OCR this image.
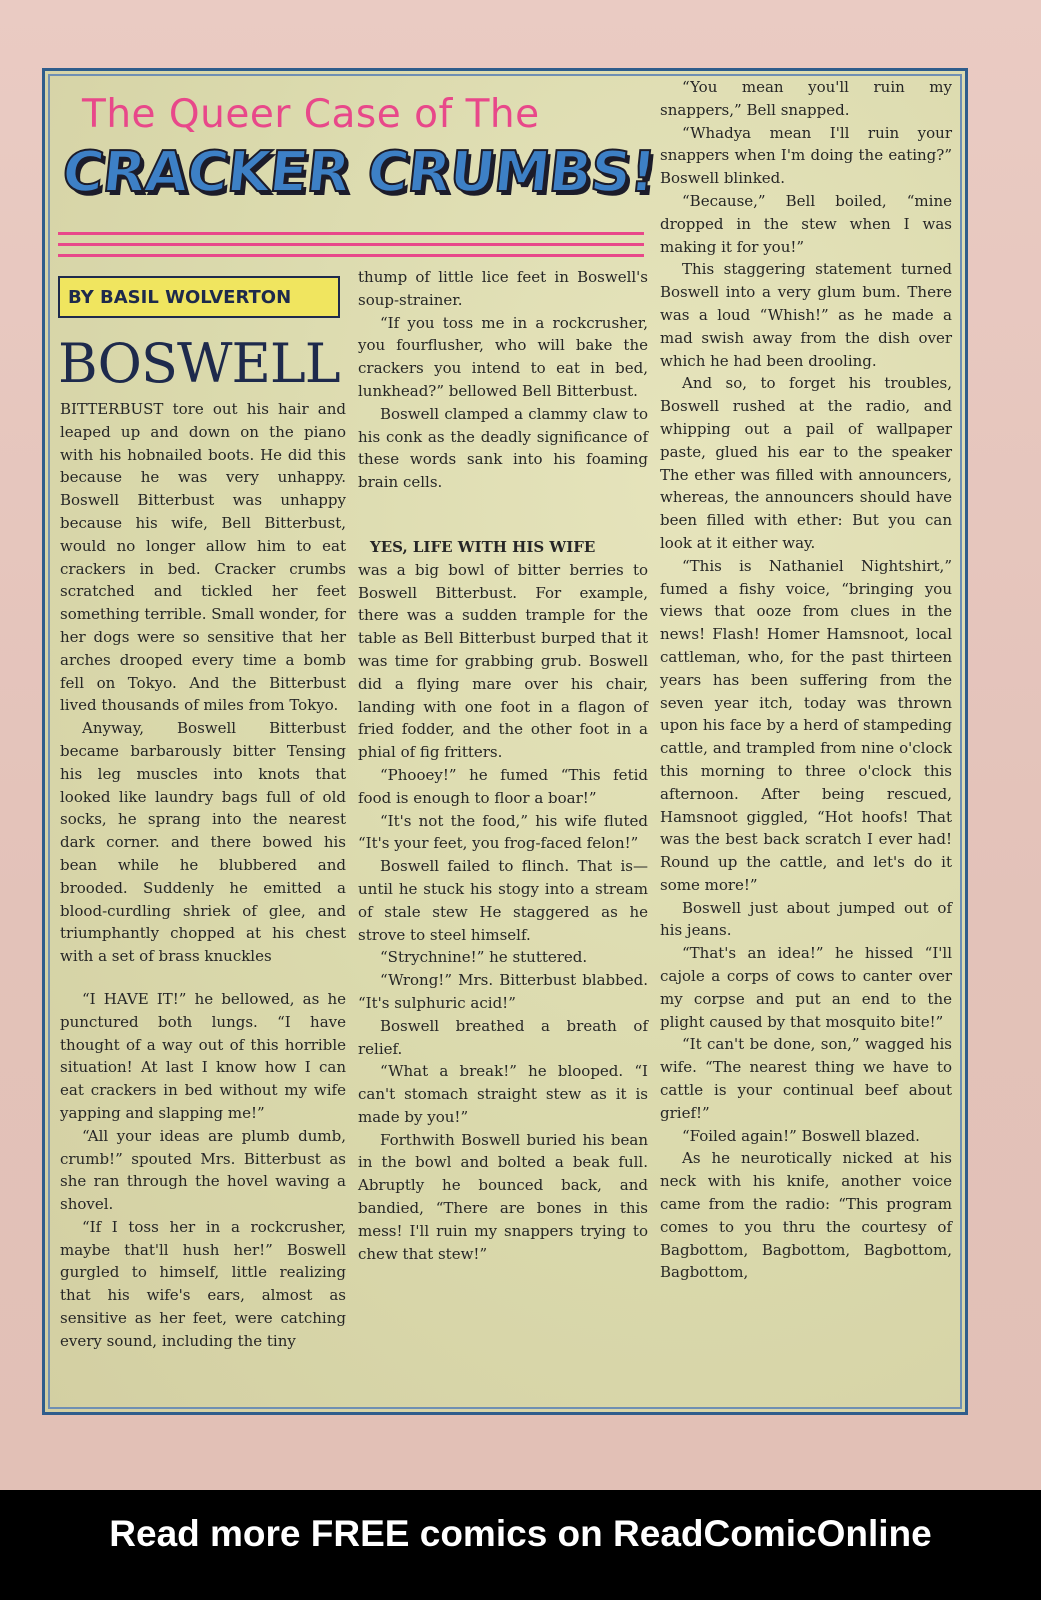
The Queer Case of The
CRACKER CRUMBS!
BY BASIL WOLVERTON
BOSWELL

BITTERBUST tore out his hair and leaped up and down on the piano with his hobnailed boots. He did this because he was very unhappy. Boswell Bitterbust was unhappy because his wife, Bell Bitterbust, would no longer allow him to eat crackers in bed. Cracker crumbs scratched and tickled her feet something terrible. Small wonder, for her dogs were so sensitive that her arches drooped every time a bomb fell on Tokyo. And the Bitterbust lived thousands of miles from Tokyo.

Anyway, Boswell Bitterbust became barbarously bitter Tensing his leg muscles into knots that looked like laundry bags full of old socks, he sprang into the nearest dark corner. and there bowed his bean while he blubbered and brooded. Suddenly he emitted a blood-curdling shriek of glee, and triumphantly chopped at his chest with a set of brass knuckles

“I HAVE IT!” he bellowed, as he punctured both lungs. “I have thought of a way out of this horrible situation! At last I know how I can eat crackers in bed without my wife yapping and slapping me!”

“All your ideas are plumb dumb, crumb!” spouted Mrs. Bitterbust as she ran through the hovel waving a shovel.

“If I toss her in a rockcrusher, maybe that'll hush her!” Boswell gurgled to himself, little realizing that his wife's ears, almost as sensitive as her feet, were catching every sound, including the tiny

thump of little lice feet in Boswell's soup-strainer.

“If you toss me in a rockcrusher, you fourflusher, who will bake the crackers you intend to eat in bed, lunkhead?” bellowed Bell Bitterbust.

Boswell clamped a clammy claw to his conk as the deadly significance of these words sank into his foaming brain cells.

YES, LIFE WITH HIS WIFE

was a big bowl of bitter berries to Boswell Bitterbust. For example, there was a sudden trample for the table as Bell Bitterbust burped that it was time for grabbing grub. Boswell did a flying mare over his chair, landing with one foot in a flagon of fried fodder, and the other foot in a phial of fig fritters.

“Phooey!” he fumed “This fetid food is enough to floor a boar!”

“It's not the food,” his wife fluted “It's your feet, you frog-faced felon!”

Boswell failed to flinch. That is—until he stuck his stogy into a stream of stale stew He staggered as he strove to steel himself.

“Strychnine!” he stuttered.

“Wrong!” Mrs. Bitterbust blabbed. “It's sulphuric acid!”

Boswell breathed a breath of relief.

“What a break!” he blooped. “I can't stomach straight stew as it is made by you!”

Forthwith Boswell buried his bean in the bowl and bolted a beak full. Abruptly he bounced back, and bandied, “There are bones in this mess! I'll ruin my snappers trying to chew that stew!”

“You mean you'll ruin my snappers,” Bell snapped.

“Whadya mean I'll ruin your snappers when I'm doing the eating?” Boswell blinked.

“Because,” Bell boiled, “mine dropped in the stew when I was making it for you!”

This staggering statement turned Boswell into a very glum bum. There was a loud “Whish!” as he made a mad swish away from the dish over which he had been drooling.

And so, to forget his troubles, Boswell rushed at the radio, and whipping out a pail of wallpaper paste, glued his ear to the speaker The ether was filled with announcers, whereas, the announcers should have been filled with ether: But you can look at it either way.

“This is Nathaniel Nightshirt,” fumed a fishy voice, “bringing you views that ooze from clues in the news! Flash! Homer Hamsnoot, local cattleman, who, for the past thirteen years has been suffering from the seven year itch, today was thrown upon his face by a herd of stampeding cattle, and trampled from nine o'clock this morning to three o'clock this afternoon. After being rescued, Hamsnoot giggled, “Hot hoofs! That was the best back scratch I ever had! Round up the cattle, and let's do it some more!”

Boswell just about jumped out of his jeans.

“That's an idea!” he hissed “I'll cajole a corps of cows to canter over my corpse and put an end to the plight caused by that mosquito bite!”

“It can't be done, son,” wagged his wife. “The nearest thing we have to cattle is your continual beef about grief!”

“Foiled again!” Boswell blazed.

As he neurotically nicked at his neck with his knife, another voice came from the radio: “This program comes to you thru the courtesy of Bagbottom, Bagbottom, Bagbottom, Bagbottom,

Read more FREE comics on ReadComicOnline
